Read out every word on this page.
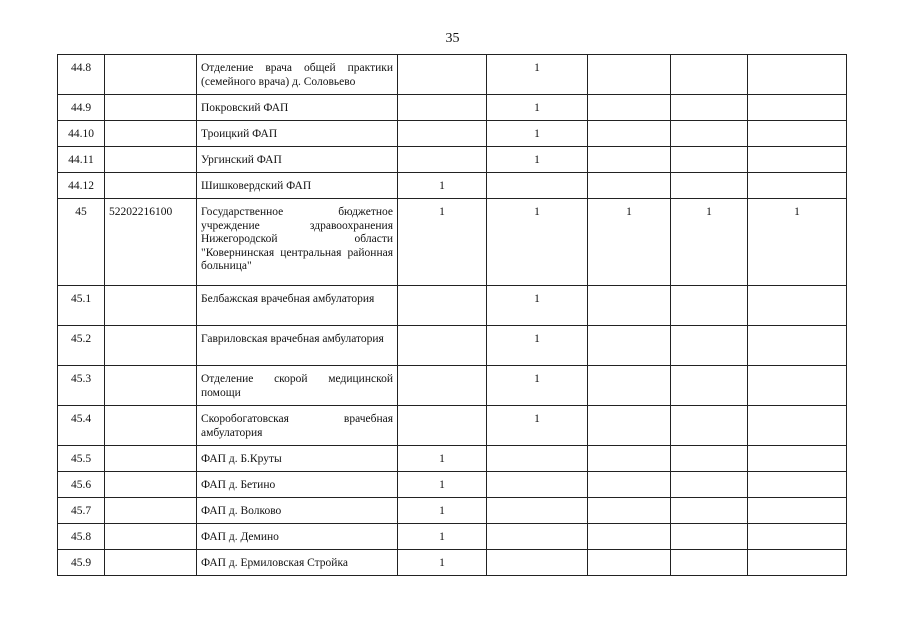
35
44.8		Отделение врача общей практики (семейного врача) д. Соловьево		1			
44.9		Покровский ФАП		1			
44.10		Троицкий ФАП		1			
44.11		Ургинский ФАП		1			
44.12		Шишковердский ФАП	1				
45	52202216100	Государственное бюджетное учреждение здравоохранения Нижегородской области "Ковернинская центральная районная больница"	1	1	1	1	1
45.1		Белбажская врачебная амбулатория		1			
45.2		Гавриловская врачебная амбулатория		1			
45.3		Отделение скорой медицинской помощи		1			
45.4		Скоробогатовская врачебная амбулатория		1			
45.5		ФАП д. Б.Круты	1				
45.6		ФАП д. Бетино	1				
45.7		ФАП д. Волково	1				
45.8		ФАП д. Демино	1				
45.9		ФАП д. Ермиловская Стройка	1				
